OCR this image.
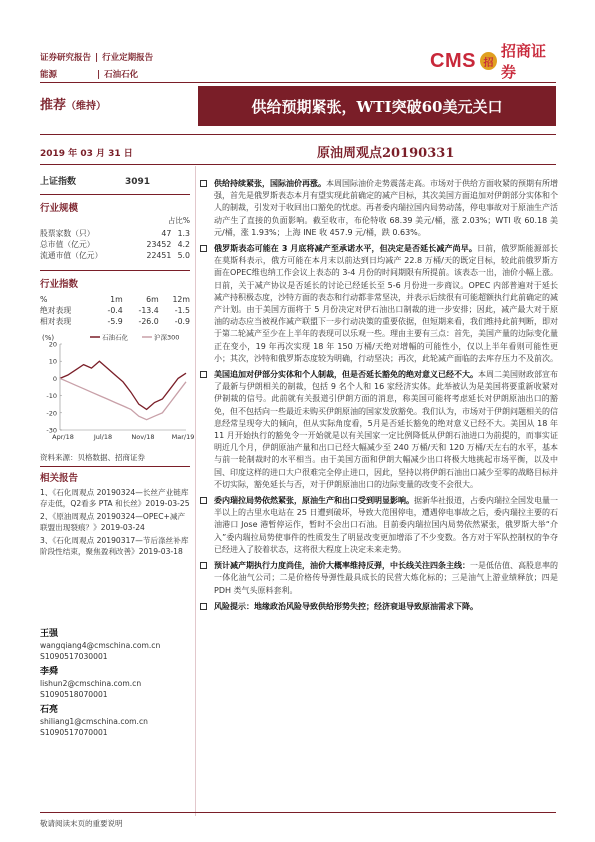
证券研究报告 | 行业定期报告
能源	| 石油石化
CMS 招
招商证券
推荐（维持）	供给预期紧张，WTI突破60美元关口
2019 年 03 月 31 日	原油周观点20190331
上证指数	3091
行业规模
占比%
股票家数（只）	47	1.3
总市值（亿元）	23452	4.2
流通市值（亿元）	22451	5.0
行业指数
%	1m	6m	12m
绝对表现	-0.4	-13.4	-1.5
相对表现	-5.9	-26.0	-0.9
(%)	石油石化	沪深300
20
10
0
-10
-20
-30
Apr/18	Jul/18	Nov/18	Mar/19
资料来源：贝格数据、招商证券
相关报告
1、《石化周观点 20190324—长丝产业链库存走低，Q2看多 PTA 和长丝》2019-03-25
2、《原油周观点 20190324—OPEC+减产联盟出现裂痕？》2019-03-24
3、《石化周观点 20190317—节后涤丝补库阶段性结束，聚焦盈利改善》2019-03-18
王强
wangqiang4@cmschina.com.cn
S1090517030001
李舜
lishun2@cmschina.com.cn
S1090518070001
石亮
shiliang1@cmschina.com.cn
S1090517070001
供给持续紧张，国际油价再涨。本周国际油价走势震荡走高。市场对于供给方面收紧的预期有所增强，首先是俄罗斯表态本月有望实现此前确定的减产目标，其次美国方面追加对伊朗部分实体和个人的制裁，引发对于收回出口豁免的忧虑。再者委内瑞拉国内局势动荡，停电事故对于原油生产活动产生了直接的负面影响。截至收市，布伦特收 68.39 美元/桶，涨 2.03%；WTI 收 60.18 美元/桶，涨 1.93%；上海 INE 收 457.9 元/桶，跌 0.63%。
俄罗斯表态可能在 3 月底将减产至承诺水平，但决定是否延长减产尚早。日前，俄罗斯能源部长在莫斯科表示，俄方可能在本月末以前达到日均减产 22.8 万桶/天的既定目标，较此前俄罗斯方面在OPEC维也纳工作会议上表态的 3-4 月份的时间期限有所提前。该表态一出，油价小幅上涨。日前，关于减产协议是否延长的讨论已经延长至 5-6 月份进一步商议。OPEC 内部普遍对于延长减产持积极态度，沙特方面的表态和行动都非常坚决，并表示后续很有可能超额执行此前确定的减产计划。由于美国方面将于 5 月份决定对伊石油出口制裁的进一步安排；因此，减产最大对于原油的动态应当被视作减产联盟下一步行动决策的重要依据，但短期来看，我们维持此前判断，即对于第二轮减产至少在上半年的表现可以乐观一些。理由主要有三点：首先，美国产量的边际变化量正在变小，19 年再次实现 18 年 150 万桶/天绝对增幅的可能性小，仅以上半年看则可能性更小；其次，沙特和俄罗斯态度较为明确，行动坚决；再次，此轮减产面临的去库存压力不及前次。
美国追加对伊部分实体和个人制裁，但是否延长豁免的绝对意义已经不大。本周二美国财政部宣布了最新与伊朗相关的制裁，包括 9 名个人和 16 家经济实体。此举被认为是美国将要重新收紧对伊制裁的信号。此前就有关报道引伊朗方面的消息，称美国可能将考虑延长对伊朗原油出口的豁免，但不包括向一些最近未购买伊朗原油的国家发放豁免。我们认为，市场对于伊朗问题相关的信息经常呈现夸大的倾向，但从实际角度看，5月是否延长豁免的绝对意义已经不大。美国从 18 年 11 月开始执行的豁免令一开始就是以有关国家一定比例降低从伊朗石油进口为前提的，而事实证明近几个月，伊朗原油产量和出口已经大幅减少至 240 万桶/天和 120 万桶/天左右的水平，基本与前一轮制裁时的水平相当。由于美国方面和伊朗大幅减少出口将极大地挑起市场平衡，以及中国、印度这样的进口大户很难完全停止进口，因此，坚持以将伊朗石油出口减少至零的战略目标并不切实际，豁免延长与否，对于伊朗原油出口的边际变量的改变不会很大。
委内瑞拉局势依然紧张，原油生产和出口受到明显影响。据新华社报道，占委内瑞拉全国发电量一半以上的古里水电站在 25 日遭到破坏，导致大范围停电，遭遇停电事故之后，委内瑞拉主要的石油港口 Jose 港暂停运作，暂时不会出口石油。目前委内瑞拉国内局势依然紧张，俄罗斯大举“介入”委内瑞拉局势使事件的性质发生了明显改变更加增添了不少变数。各方对于军队控制权的争夺已经进入了胶着状态，这将很大程度上决定未来走势。
预计减产期执行力度尚佳，油价大概率维持反弹，中长线关注四条主线：一是低估值、高股息率的一体化油气公司；二是价格传导弹性最具成长的民营大炼化标的；三是油气上游业绩释放；四是 PDH 类气头原料套利。
风险提示：地缘政治风险导致供给形势失控；经济衰退导致原油需求下降。
敬请阅读末页的重要说明
